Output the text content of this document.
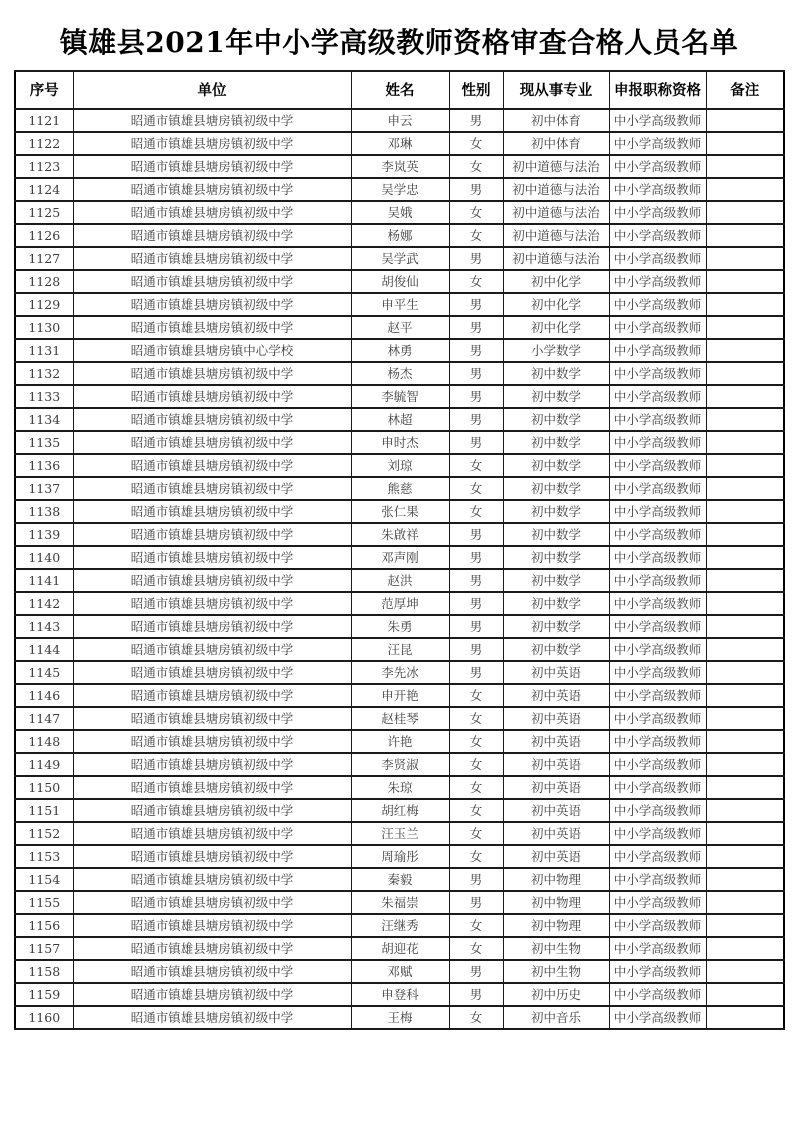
镇雄县2021年中小学高级教师资格审查合格人员名单
序号	单位	姓名	性别	现从事专业	申报职称资格	备注
1121	昭通市镇雄县塘房镇初级中学	申云	男	初中体育	中小学高级教师	
1122	昭通市镇雄县塘房镇初级中学	邓琳	女	初中体育	中小学高级教师	
1123	昭通市镇雄县塘房镇初级中学	李岚英	女	初中道德与法治	中小学高级教师	
1124	昭通市镇雄县塘房镇初级中学	吴学忠	男	初中道德与法治	中小学高级教师	
1125	昭通市镇雄县塘房镇初级中学	吴娥	女	初中道德与法治	中小学高级教师	
1126	昭通市镇雄县塘房镇初级中学	杨娜	女	初中道德与法治	中小学高级教师	
1127	昭通市镇雄县塘房镇初级中学	吴学武	男	初中道德与法治	中小学高级教师	
1128	昭通市镇雄县塘房镇初级中学	胡俊仙	女	初中化学	中小学高级教师	
1129	昭通市镇雄县塘房镇初级中学	申平生	男	初中化学	中小学高级教师	
1130	昭通市镇雄县塘房镇初级中学	赵平	男	初中化学	中小学高级教师	
1131	昭通市镇雄县塘房镇中心学校	林勇	男	小学数学	中小学高级教师	
1132	昭通市镇雄县塘房镇初级中学	杨杰	男	初中数学	中小学高级教师	
1133	昭通市镇雄县塘房镇初级中学	李毓智	男	初中数学	中小学高级教师	
1134	昭通市镇雄县塘房镇初级中学	林超	男	初中数学	中小学高级教师	
1135	昭通市镇雄县塘房镇初级中学	申时杰	男	初中数学	中小学高级教师	
1136	昭通市镇雄县塘房镇初级中学	刘琼	女	初中数学	中小学高级教师	
1137	昭通市镇雄县塘房镇初级中学	熊慈	女	初中数学	中小学高级教师	
1138	昭通市镇雄县塘房镇初级中学	张仁果	女	初中数学	中小学高级教师	
1139	昭通市镇雄县塘房镇初级中学	朱啟祥	男	初中数学	中小学高级教师	
1140	昭通市镇雄县塘房镇初级中学	邓声刚	男	初中数学	中小学高级教师	
1141	昭通市镇雄县塘房镇初级中学	赵洪	男	初中数学	中小学高级教师	
1142	昭通市镇雄县塘房镇初级中学	范厚坤	男	初中数学	中小学高级教师	
1143	昭通市镇雄县塘房镇初级中学	朱勇	男	初中数学	中小学高级教师	
1144	昭通市镇雄县塘房镇初级中学	汪昆	男	初中数学	中小学高级教师	
1145	昭通市镇雄县塘房镇初级中学	李先冰	男	初中英语	中小学高级教师	
1146	昭通市镇雄县塘房镇初级中学	申开艳	女	初中英语	中小学高级教师	
1147	昭通市镇雄县塘房镇初级中学	赵桂琴	女	初中英语	中小学高级教师	
1148	昭通市镇雄县塘房镇初级中学	许艳	女	初中英语	中小学高级教师	
1149	昭通市镇雄县塘房镇初级中学	李贤淑	女	初中英语	中小学高级教师	
1150	昭通市镇雄县塘房镇初级中学	朱琼	女	初中英语	中小学高级教师	
1151	昭通市镇雄县塘房镇初级中学	胡红梅	女	初中英语	中小学高级教师	
1152	昭通市镇雄县塘房镇初级中学	汪玉兰	女	初中英语	中小学高级教师	
1153	昭通市镇雄县塘房镇初级中学	周瑜彤	女	初中英语	中小学高级教师	
1154	昭通市镇雄县塘房镇初级中学	秦毅	男	初中物理	中小学高级教师	
1155	昭通市镇雄县塘房镇初级中学	朱福崇	男	初中物理	中小学高级教师	
1156	昭通市镇雄县塘房镇初级中学	汪继秀	女	初中物理	中小学高级教师	
1157	昭通市镇雄县塘房镇初级中学	胡迎花	女	初中生物	中小学高级教师	
1158	昭通市镇雄县塘房镇初级中学	邓赋	男	初中生物	中小学高级教师	
1159	昭通市镇雄县塘房镇初级中学	申登科	男	初中历史	中小学高级教师	
1160	昭通市镇雄县塘房镇初级中学	王梅	女	初中音乐	中小学高级教师	
